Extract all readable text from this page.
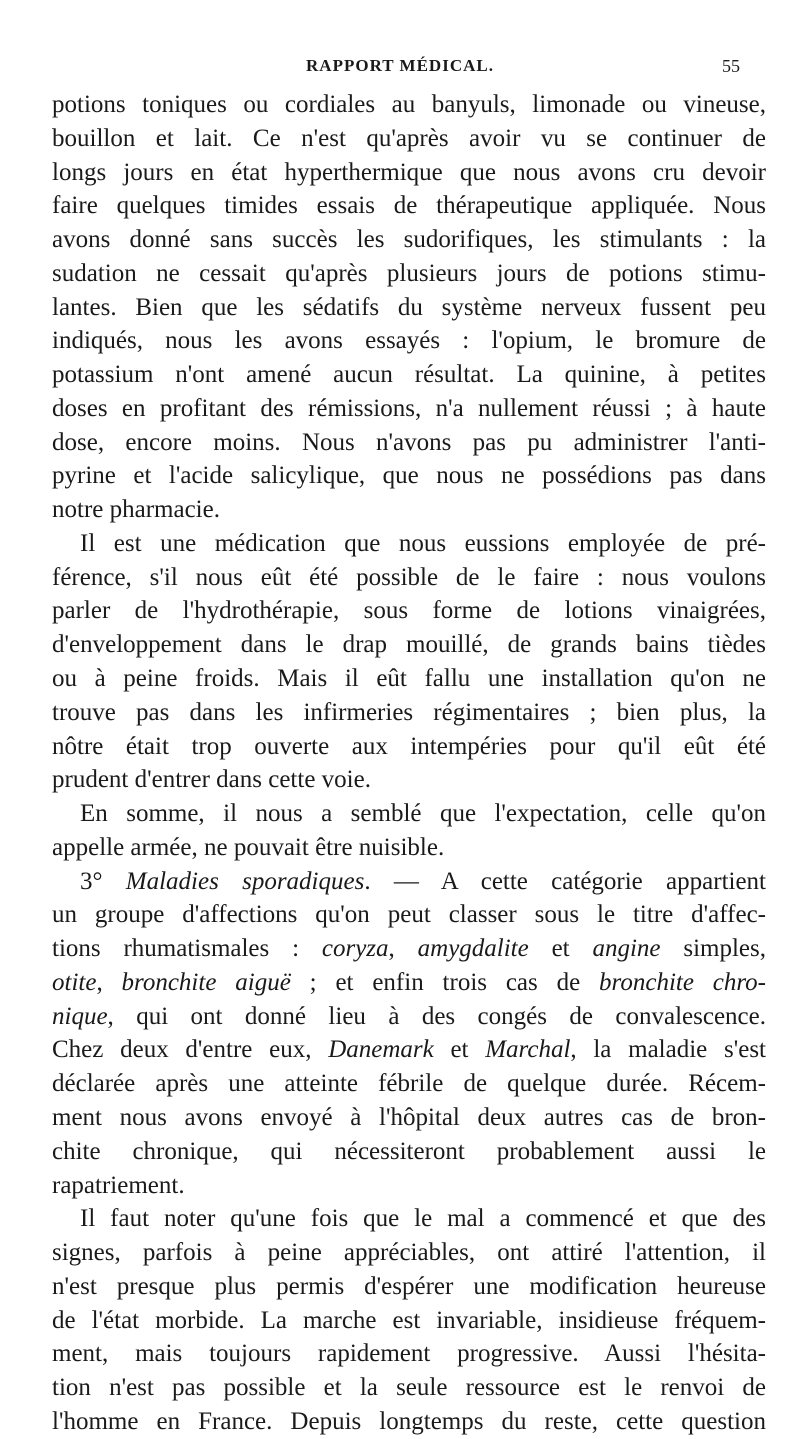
RAPPORT MÉDICAL.	55
potions toniques ou cordiales au banyuls, limonade ou vineuse,
bouillon et lait. Ce n'est qu'après avoir vu se continuer de
longs jours en état hyperthermique que nous avons cru devoir
faire quelques timides essais de thérapeutique appliquée. Nous
avons donné sans succès les sudorifiques, les stimulants : la
sudation ne cessait qu'après plusieurs jours de potions stimu-
lantes. Bien que les sédatifs du système nerveux fussent peu
indiqués, nous les avons essayés : l'opium, le bromure de
potassium n'ont amené aucun résultat. La quinine, à petites
doses en profitant des rémissions, n'a nullement réussi ; à haute
dose, encore moins. Nous n'avons pas pu administrer l'anti-
pyrine et l'acide salicylique, que nous ne possédions pas dans
notre pharmacie.
Il est une médication que nous eussions employée de pré-
férence, s'il nous eût été possible de le faire : nous voulons
parler de l'hydrothérapie, sous forme de lotions vinaigrées,
d'enveloppement dans le drap mouillé, de grands bains tièdes
ou à peine froids. Mais il eût fallu une installation qu'on ne
trouve pas dans les infirmeries régimentaires ; bien plus, la
nôtre était trop ouverte aux intempéries pour qu'il eût été
prudent d'entrer dans cette voie.
En somme, il nous a semblé que l'expectation, celle qu'on
appelle armée, ne pouvait être nuisible.
3° Maladies sporadiques. — A cette catégorie appartient
un groupe d'affections qu'on peut classer sous le titre d'affec-
tions rhumatismales : coryza, amygdalite et angine simples,
otite, bronchite aiguë ; et enfin trois cas de bronchite chro-
nique, qui ont donné lieu à des congés de convalescence.
Chez deux d'entre eux, Danemark et Marchal, la maladie s'est
déclarée après une atteinte fébrile de quelque durée. Récem-
ment nous avons envoyé à l'hôpital deux autres cas de bron-
chite chronique, qui nécessiteront probablement aussi le
rapatriement.
Il faut noter qu'une fois que le mal a commencé et que des
signes, parfois à peine appréciables, ont attiré l'attention, il
n'est presque plus permis d'espérer une modification heureuse
de l'état morbide. La marche est invariable, insidieuse fréquem-
ment, mais toujours rapidement progressive. Aussi l'hésita-
tion n'est pas possible et la seule ressource est le renvoi de
l'homme en France. Depuis longtemps du reste, cette question
